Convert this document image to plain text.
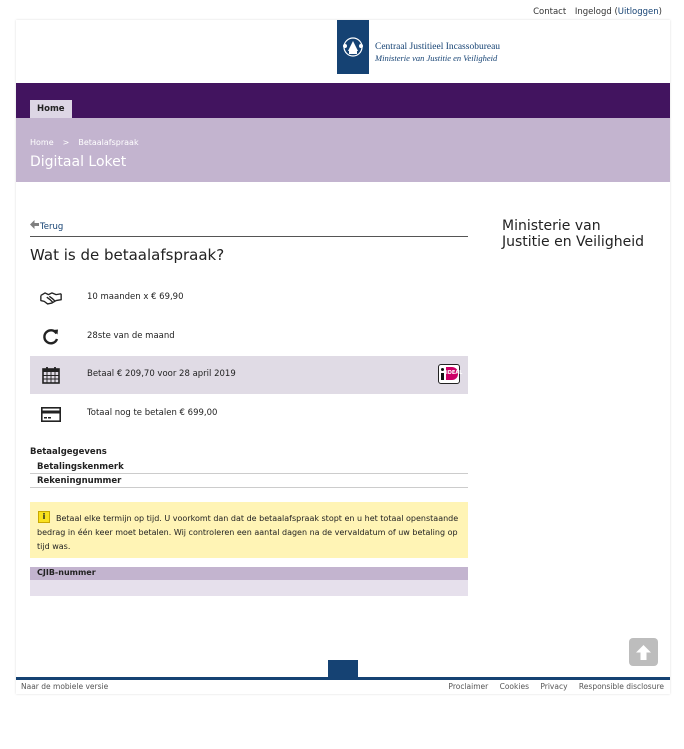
Contact Ingelogd (Uitloggen)
Centraal Justitieel Incassobureau
Ministerie van Justitie en Veiligheid
Home
Home > Betaalafspraak
Digitaal Loket
Terug
Wat is de betaalafspraak?
10 maanden x € 69,90
28ste van de maand
Betaal € 209,70 voor 28 april 2019	iDEAL
Totaal nog te betalen € 699,00
Betaalgegevens
Betalingskenmerk
Rekeningnummer
Betaal elke termijn op tijd. U voorkomt dan dat de betaalafspraak stopt en u het totaal openstaande bedrag in één keer moet betalen. Wij controleren een aantal dagen na de vervaldatum of uw betaling op tijd was.
i
CJIB-nummer
Ministerie van
Justitie en Veiligheid
Naar de mobiele versie	Proclaimer Cookies Privacy Responsible disclosure
